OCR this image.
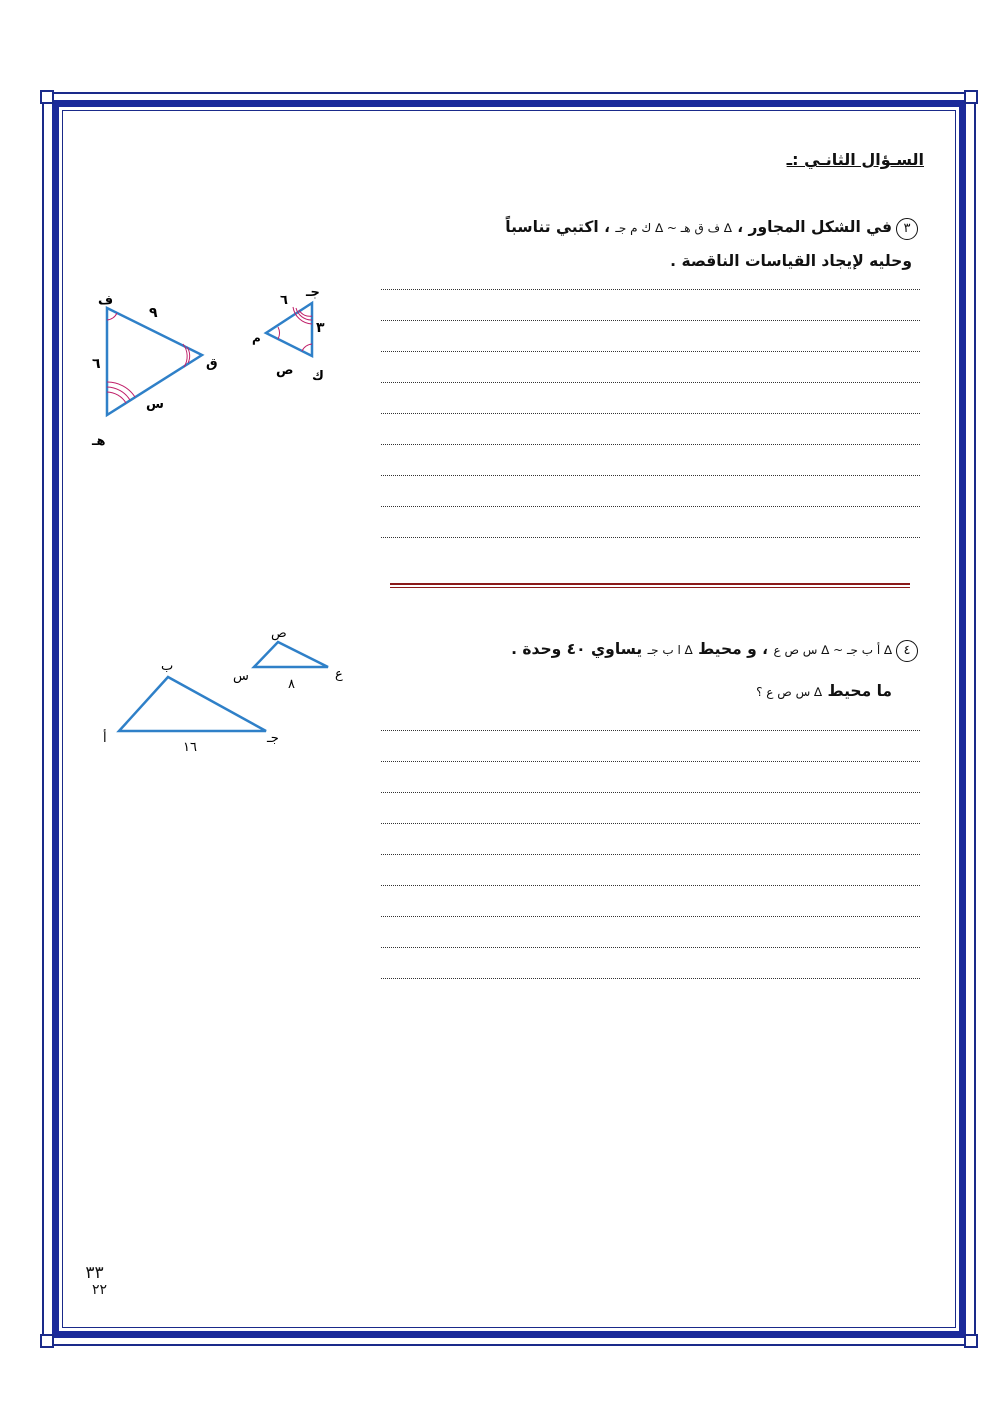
السـؤال الثانـي :ـ
٣في الشكل المجاور ، ∆ ف ق هـ ~ ∆ ك م جـ ، اكتبي تناسباً
وحليه لإيجاد القياسات الناقصة .
ف
ق
هـ
٩
٦
س
جـ
م
ك
٦
٣
ص
٤∆ أ ب جـ ~ ∆ س ص ع ، و محيط ∆ ا ب جـ يساوي ٤٠ وحدة .
ما محيط ∆ س ص ع ؟
ص
س	ع
٨
ب
أ	جـ
١٦
٣٣
٢٢
